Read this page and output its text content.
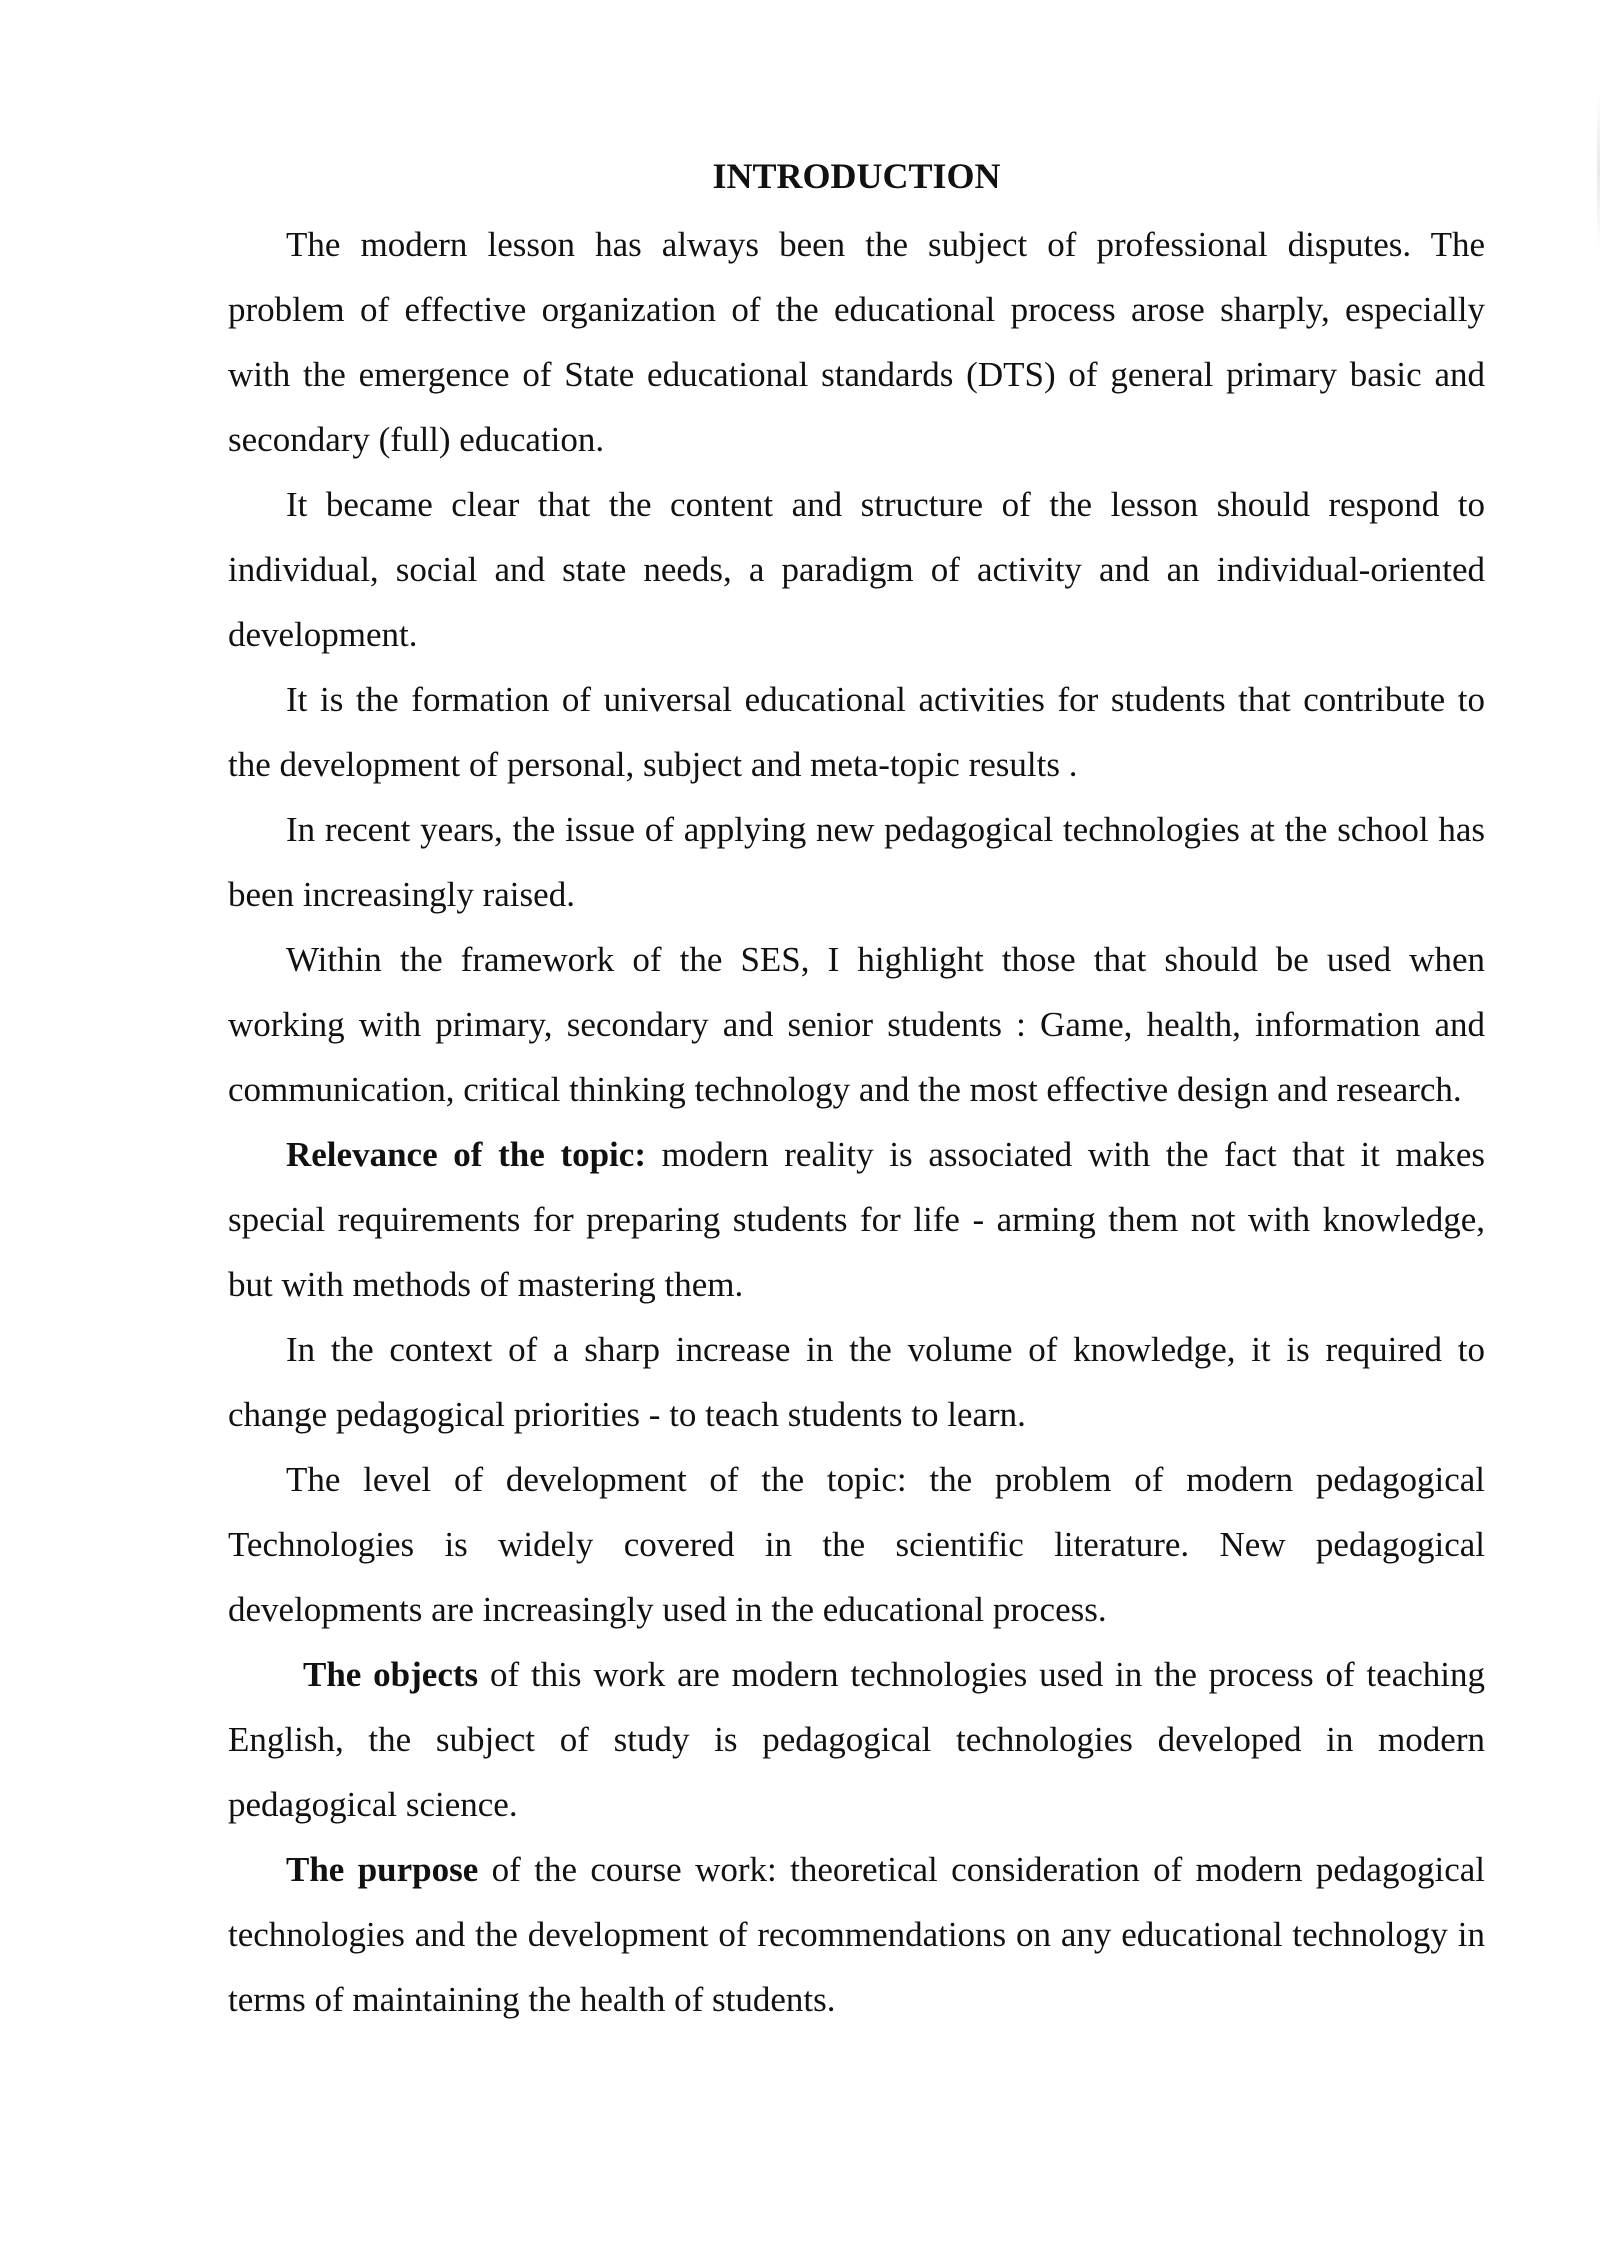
INTRODUCTION

The modern lesson has always been the subject of professional disputes. The problem of effective organization of the educational process arose sharply, especially with the emergence of State educational standards (DTS) of general primary basic and secondary (full) education.

It became clear that the content and structure of the lesson should respond to individual, social and state needs, a paradigm of activity and an individual-oriented development.

It is the formation of universal educational activities for students that contribute to the development of personal, subject and meta-topic results .

In recent years, the issue of applying new pedagogical technologies at the school has been increasingly raised.

Within the framework of the SES, I highlight those that should be used when working with primary, secondary and senior students : Game, health, information and communication, critical thinking technology and the most effective design and research.

Relevance of the topic: modern reality is associated with the fact that it makes special requirements for preparing students for life - arming them not with knowledge, but with methods of mastering them.

In the context of a sharp increase in the volume of knowledge, it is required to change pedagogical priorities - to teach students to learn.

The level of development of the topic: the problem of modern pedagogical Technologies is widely covered in the scientific literature. New pedagogical developments are increasingly used in the educational process.

The objects of this work are modern technologies used in the process of teaching English, the subject of study is pedagogical technologies developed in modern pedagogical science.

The purpose of the course work: theoretical consideration of modern pedagogical technologies and the development of recommendations on any educational technology in terms of maintaining the health of students.
